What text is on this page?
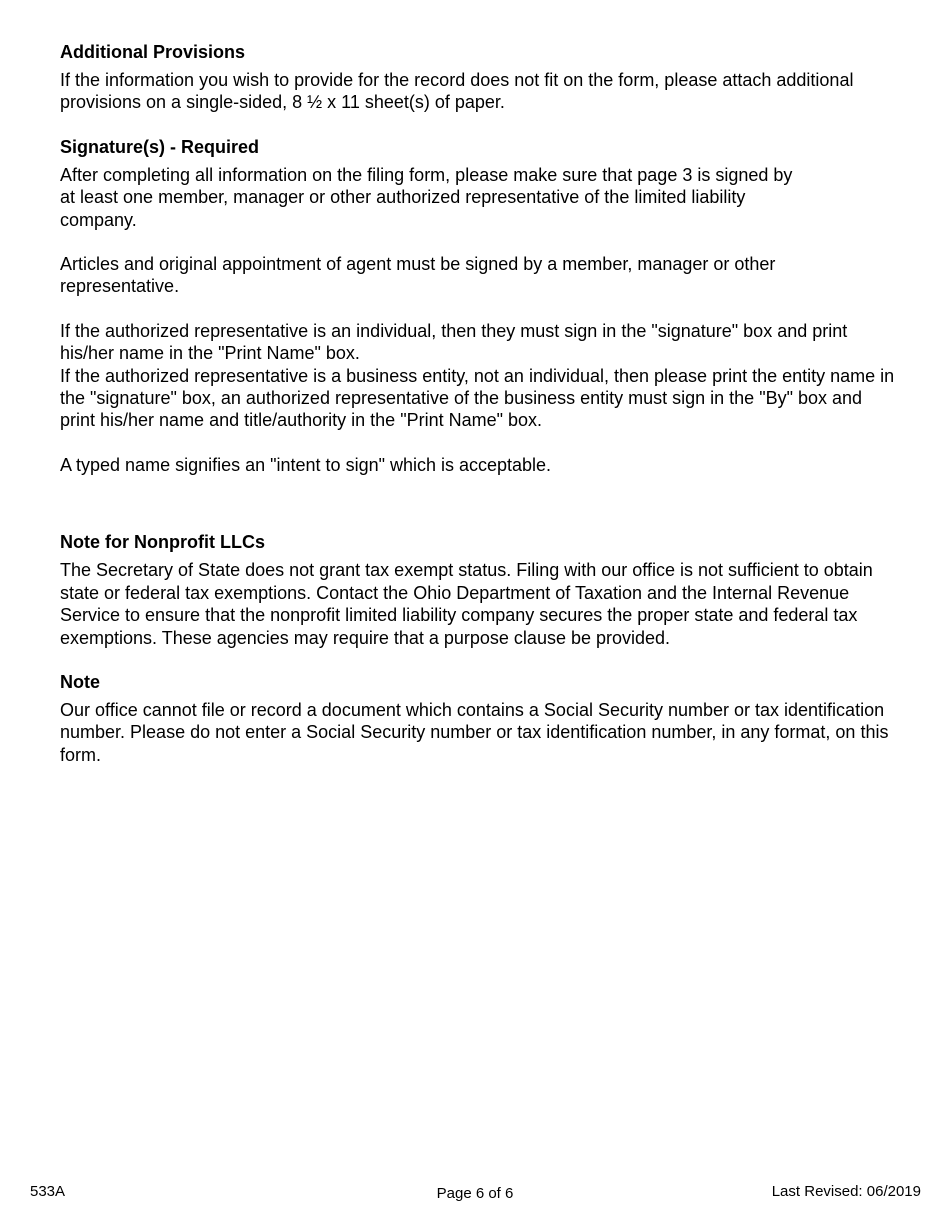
Additional Provisions

If the information you wish to provide for the record does not fit on the form, please attach additional provisions on a single-sided, 8 ½ x 11 sheet(s) of paper.

Signature(s) - Required

After completing all information on the filing form, please make sure that page 3 is signed by
at least one member, manager or other authorized representative of the limited liability
company.

Articles and original appointment of agent must be signed by a member, manager or other representative.

If the authorized representative is an individual, then they must sign in the "signature" box and print his/her name in the "Print Name" box.

If the authorized representative is a business entity, not an individual, then please print the entity name in the "signature" box, an authorized representative of the business entity must sign in the "By" box and print his/her name and title/authority in the "Print Name" box.

A typed name signifies an "intent to sign" which is acceptable.

Note for Nonprofit LLCs

The Secretary of State does not grant tax exempt status. Filing with our office is not sufficient to obtain state or federal tax exemptions. Contact the Ohio Department of Taxation and the Internal Revenue Service to ensure that the nonprofit limited liability company secures the proper state and federal tax exemptions. These agencies may require that a purpose clause be provided.

Note

Our office cannot file or record a document which contains a Social Security number or tax identification number. Please do not enter a Social Security number or tax identification number, in any format, on this form.

533A	Page 6 of 6	Last Revised: 06/2019
